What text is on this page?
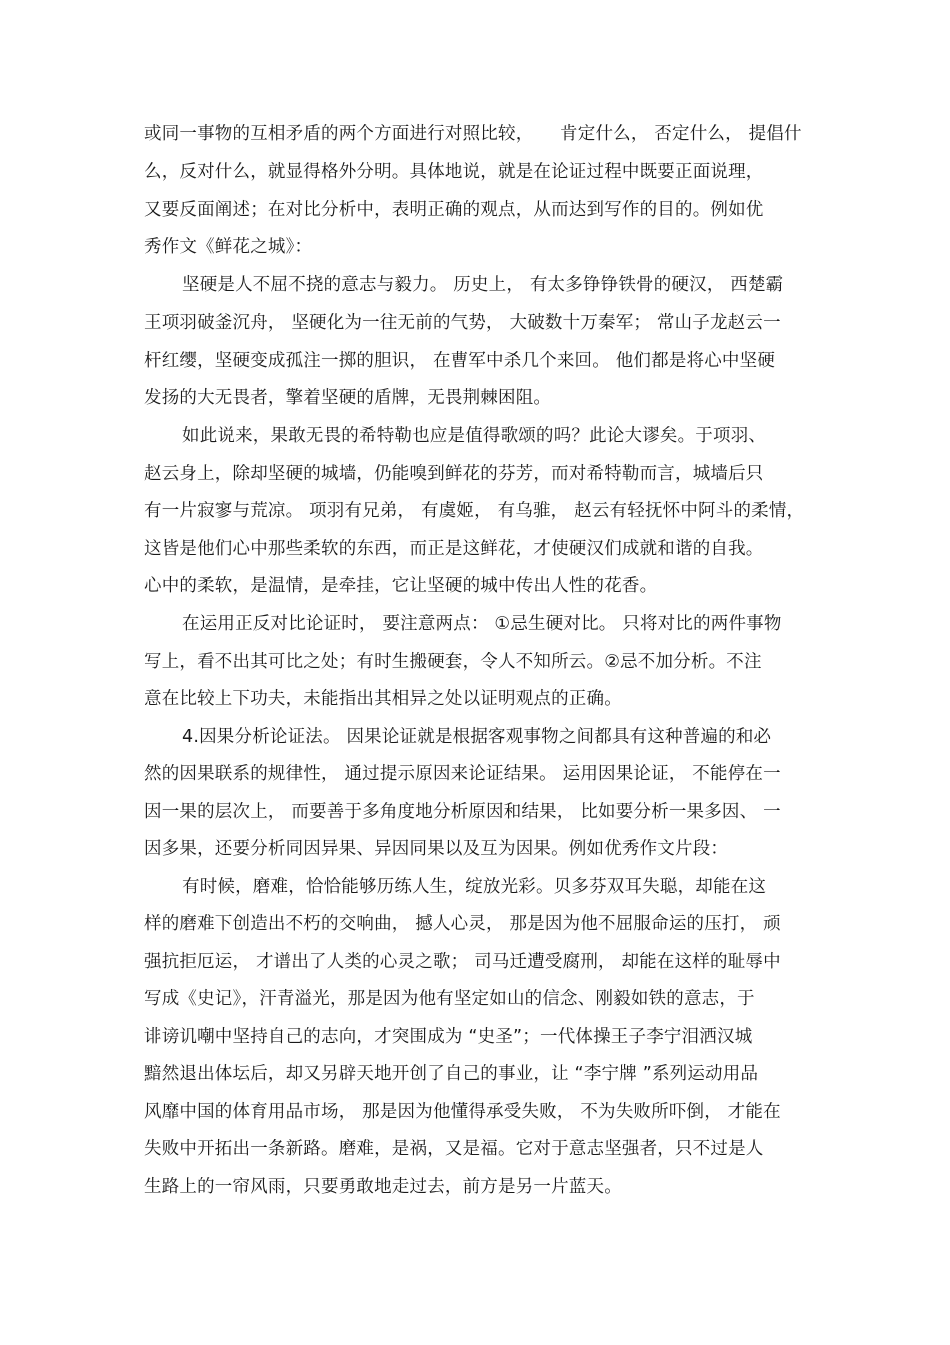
或同一事物的互相矛盾的两个方面进行对照比较，　　肯定什么， 否定什么， 提倡什
么，反对什么，就显得格外分明。具体地说，就是在论证过程中既要正面说理，
又要反面阐述；在对比分析中，表明正确的观点，从而达到写作的目的。例如优
秀作文《鲜花之城》：
坚硬是人不屈不挠的意志与毅力。 历史上， 有太多铮铮铁骨的硬汉， 西楚霸
王项羽破釜沉舟， 坚硬化为一往无前的气势， 大破数十万秦军； 常山子龙赵云一
杆红缨，坚硬变成孤注一掷的胆识， 在曹军中杀几个来回。 他们都是将心中坚硬
发扬的大无畏者，擎着坚硬的盾牌，无畏荆棘困阻。
如此说来，果敢无畏的希特勒也应是值得歌颂的吗？此论大谬矣。于项羽、
赵云身上，除却坚硬的城墙，仍能嗅到鲜花的芬芳，而对希特勒而言，城墙后只
有一片寂寥与荒凉。 项羽有兄弟， 有虞姬， 有乌骓， 赵云有轻抚怀中阿斗的柔情，
这皆是他们心中那些柔软的东西，而正是这鲜花，才使硬汉们成就和谐的自我。
心中的柔软，是温情，是牵挂，它让坚硬的城中传出人性的花香。
在运用正反对比论证时， 要注意两点： ①忌生硬对比。 只将对比的两件事物
写上，看不出其可比之处；有时生搬硬套，令人不知所云。②忌不加分析。不注
意在比较上下功夫，未能指出其相异之处以证明观点的正确。
4.因果分析论证法。 因果论证就是根据客观事物之间都具有这种普遍的和必
然的因果联系的规律性， 通过提示原因来论证结果。 运用因果论证， 不能停在一
因一果的层次上， 而要善于多角度地分析原因和结果， 比如要分析一果多因、 一
因多果，还要分析同因异果、异因同果以及互为因果。例如优秀作文片段：
有时候，磨难，恰恰能够历练人生，绽放光彩。贝多芬双耳失聪，却能在这
样的磨难下创造出不朽的交响曲， 撼人心灵， 那是因为他不屈服命运的压打， 顽
强抗拒厄运， 才谱出了人类的心灵之歌； 司马迁遭受腐刑， 却能在这样的耻辱中
写成《史记》，汗青溢光，那是因为他有坚定如山的信念、刚毅如铁的意志，于
诽谤讥嘲中坚持自己的志向，才突围成为 “史圣”；一代体操王子李宁泪洒汉城
黯然退出体坛后，却又另辟天地开创了自己的事业，让 “李宁牌 ”系列运动用品
风靡中国的体育用品市场， 那是因为他懂得承受失败， 不为失败所吓倒， 才能在
失败中开拓出一条新路。磨难，是祸，又是福。它对于意志坚强者，只不过是人
生路上的一帘风雨，只要勇敢地走过去，前方是另一片蓝天。
